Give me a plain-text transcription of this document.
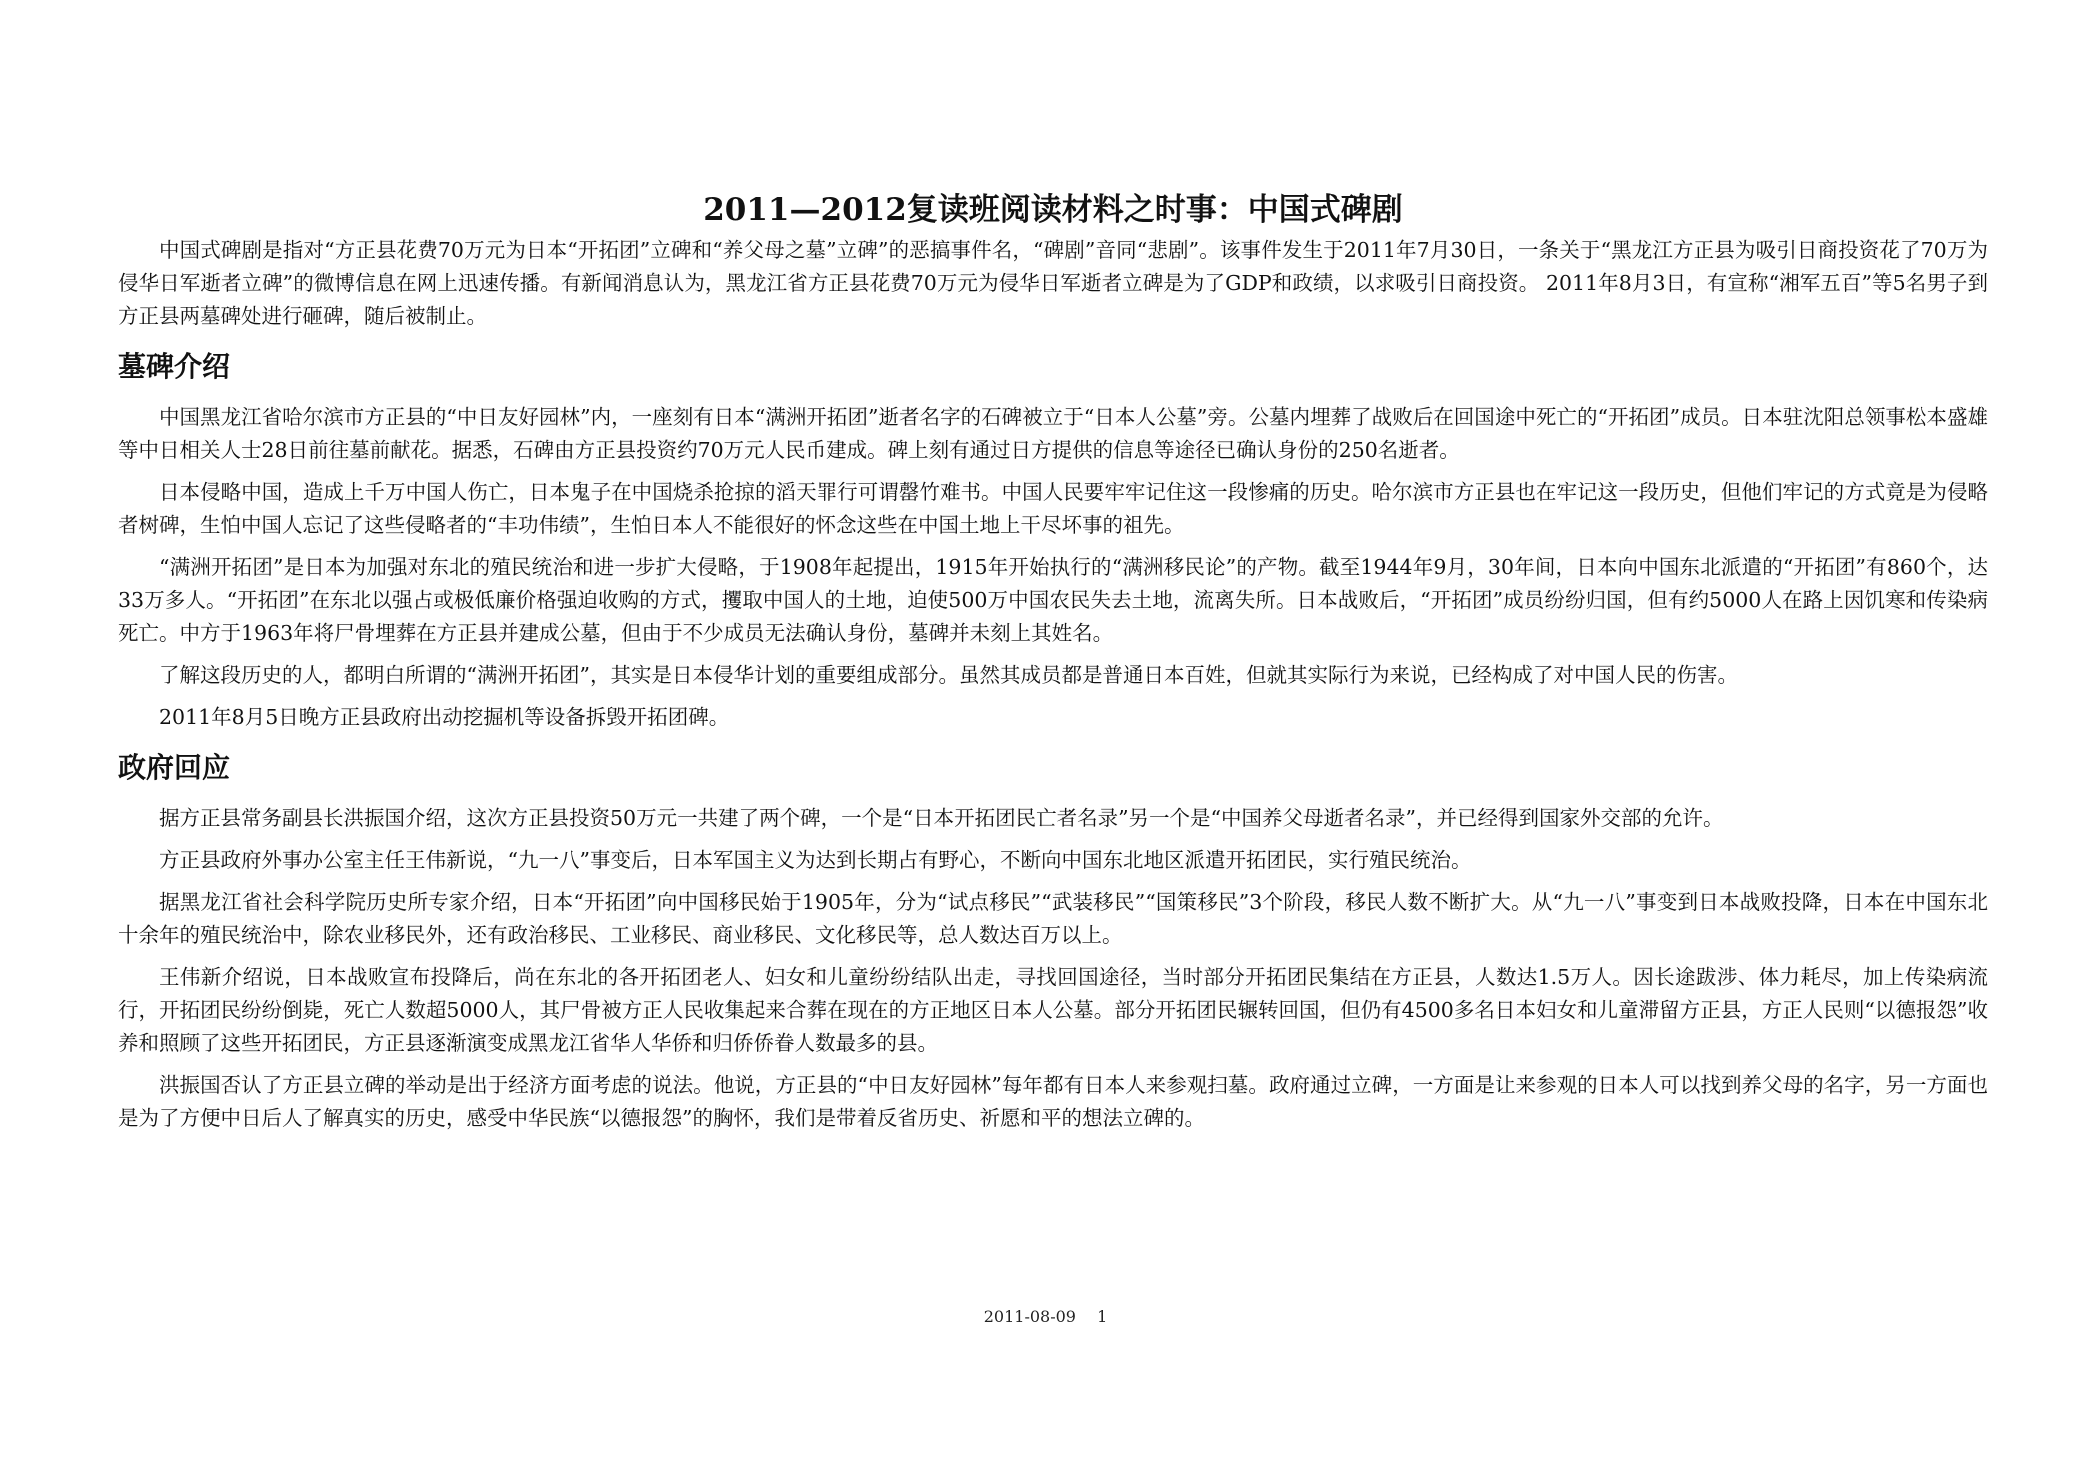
2011—2012复读班阅读材料之时事：中国式碑剧

中国式碑剧是指对“方正县花费70万元为日本“开拓团”立碑和“养父母之墓”立碑”的恶搞事件名，“碑剧”音同“悲剧”。该事件发生于2011年7月30日，一条关于“黑龙江方正县为吸引日商投资花了70万为侵华日军逝者立碑”的微博信息在网上迅速传播。有新闻消息认为，黑龙江省方正县花费70万元为侵华日军逝者立碑是为了GDP和政绩，以求吸引日商投资。 2011年8月3日，有宣称“湘军五百”等5名男子到方正县两墓碑处进行砸碑，随后被制止。

墓碑介绍

中国黑龙江省哈尔滨市方正县的“中日友好园林”内，一座刻有日本“满洲开拓团”逝者名字的石碑被立于“日本人公墓”旁。公墓内埋葬了战败后在回国途中死亡的“开拓团”成员。日本驻沈阳总领事松本盛雄等中日相关人士28日前往墓前献花。据悉，石碑由方正县投资约70万元人民币建成。碑上刻有通过日方提供的信息等途径已确认身份的250名逝者。

日本侵略中国，造成上千万中国人伤亡，日本鬼子在中国烧杀抢掠的滔天罪行可谓罄竹难书。中国人民要牢牢记住这一段惨痛的历史。哈尔滨市方正县也在牢记这一段历史，但他们牢记的方式竟是为侵略者树碑，生怕中国人忘记了这些侵略者的“丰功伟绩”，生怕日本人不能很好的怀念这些在中国土地上干尽坏事的祖先。

“满洲开拓团”是日本为加强对东北的殖民统治和进一步扩大侵略，于1908年起提出，1915年开始执行的“满洲移民论”的产物。截至1944年9月，30年间，日本向中国东北派遣的“开拓团”有860个，达33万多人。“开拓团”在东北以强占或极低廉价格强迫收购的方式，攫取中国人的土地，迫使500万中国农民失去土地，流离失所。日本战败后，“开拓团”成员纷纷归国，但有约5000人在路上因饥寒和传染病死亡。中方于1963年将尸骨埋葬在方正县并建成公墓，但由于不少成员无法确认身份，墓碑并未刻上其姓名。

了解这段历史的人，都明白所谓的“满洲开拓团”，其实是日本侵华计划的重要组成部分。虽然其成员都是普通日本百姓，但就其实际行为来说，已经构成了对中国人民的伤害。

2011年8月5日晚方正县政府出动挖掘机等设备拆毁开拓团碑。

政府回应

据方正县常务副县长洪振国介绍，这次方正县投资50万元一共建了两个碑，一个是“日本开拓团民亡者名录”另一个是“中国养父母逝者名录”，并已经得到国家外交部的允许。

方正县政府外事办公室主任王伟新说，“九一八”事变后，日本军国主义为达到长期占有野心，不断向中国东北地区派遣开拓团民，实行殖民统治。

据黑龙江省社会科学院历史所专家介绍，日本“开拓团”向中国移民始于1905年，分为“试点移民”“武装移民”“国策移民”3个阶段，移民人数不断扩大。从“九一八”事变到日本战败投降，日本在中国东北十余年的殖民统治中，除农业移民外，还有政治移民、工业移民、商业移民、文化移民等，总人数达百万以上。

王伟新介绍说，日本战败宣布投降后，尚在东北的各开拓团老人、妇女和儿童纷纷结队出走，寻找回国途径，当时部分开拓团民集结在方正县，人数达1.5万人。因长途跋涉、体力耗尽，加上传染病流行，开拓团民纷纷倒毙，死亡人数超5000人，其尸骨被方正人民收集起来合葬在现在的方正地区日本人公墓。部分开拓团民辗转回国，但仍有4500多名日本妇女和儿童滞留方正县，方正人民则“以德报怨”收养和照顾了这些开拓团民，方正县逐渐演变成黑龙江省华人华侨和归侨侨眷人数最多的县。

洪振国否认了方正县立碑的举动是出于经济方面考虑的说法。他说，方正县的“中日友好园林”每年都有日本人来参观扫墓。政府通过立碑，一方面是让来参观的日本人可以找到养父母的名字，另一方面也是为了方便中日后人了解真实的历史，感受中华民族“以德报怨”的胸怀，我们是带着反省历史、祈愿和平的想法立碑的。

2011-08-09 1
